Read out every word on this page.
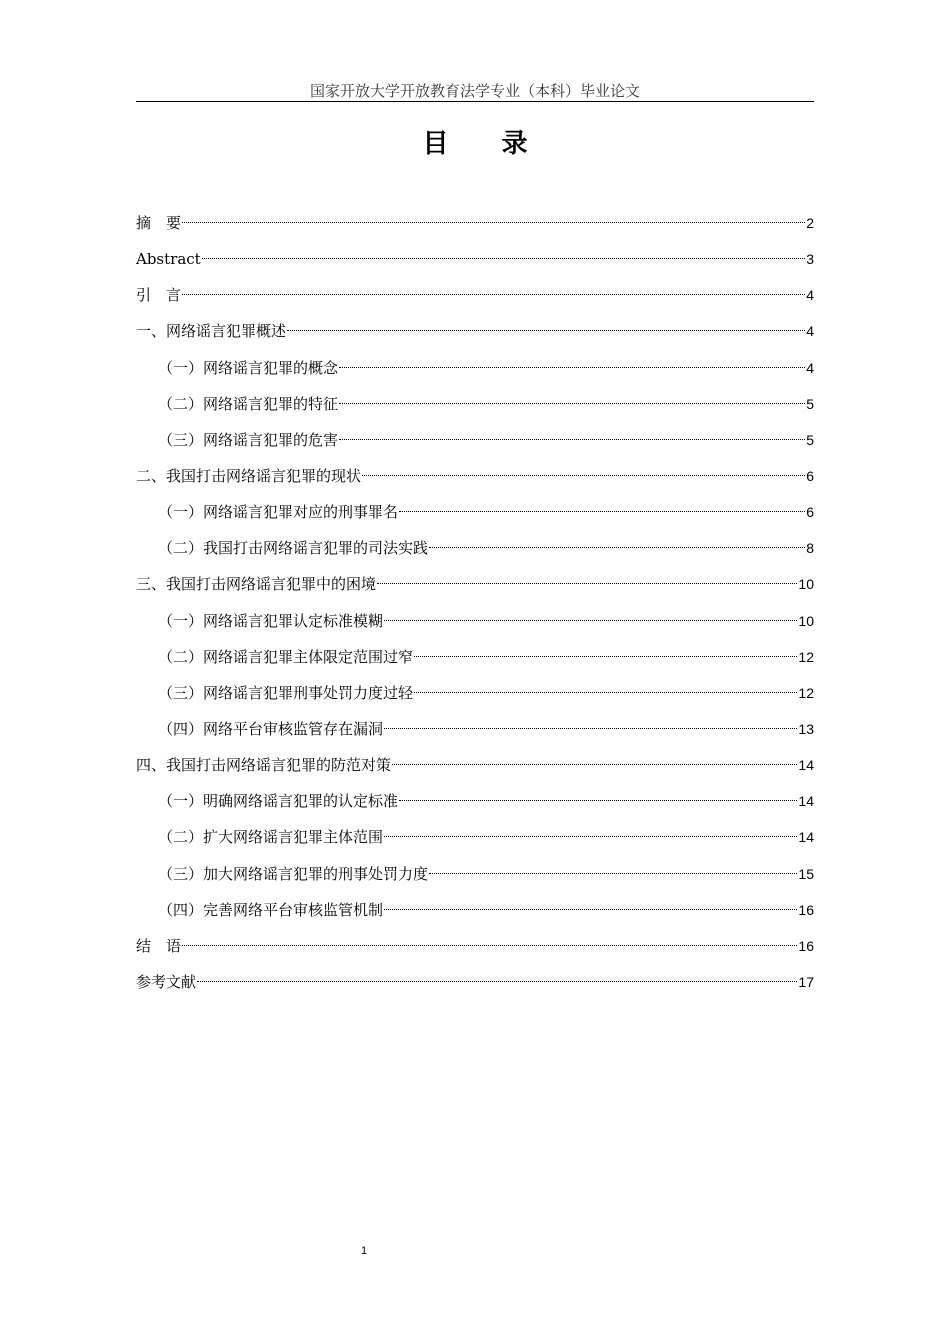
国家开放大学开放教育法学专业（本科）毕业论文
目 录
摘　要	2
Abstract	3
引　言	4
一、网络谣言犯罪概述	4
（一）网络谣言犯罪的概念	4
（二）网络谣言犯罪的特征	5
（三）网络谣言犯罪的危害	5
二、我国打击网络谣言犯罪的现状	6
（一）网络谣言犯罪对应的刑事罪名	6
（二）我国打击网络谣言犯罪的司法实践	8
三、我国打击网络谣言犯罪中的困境	10
（一）网络谣言犯罪认定标准模糊	10
（二）网络谣言犯罪主体限定范围过窄	12
（三）网络谣言犯罪刑事处罚力度过轻	12
（四）网络平台审核监管存在漏洞	13
四、我国打击网络谣言犯罪的防范对策	14
（一）明确网络谣言犯罪的认定标准	14
（二）扩大网络谣言犯罪主体范围	14
（三）加大网络谣言犯罪的刑事处罚力度	15
（四）完善网络平台审核监管机制	16
结　语	16
参考文献	17
1
